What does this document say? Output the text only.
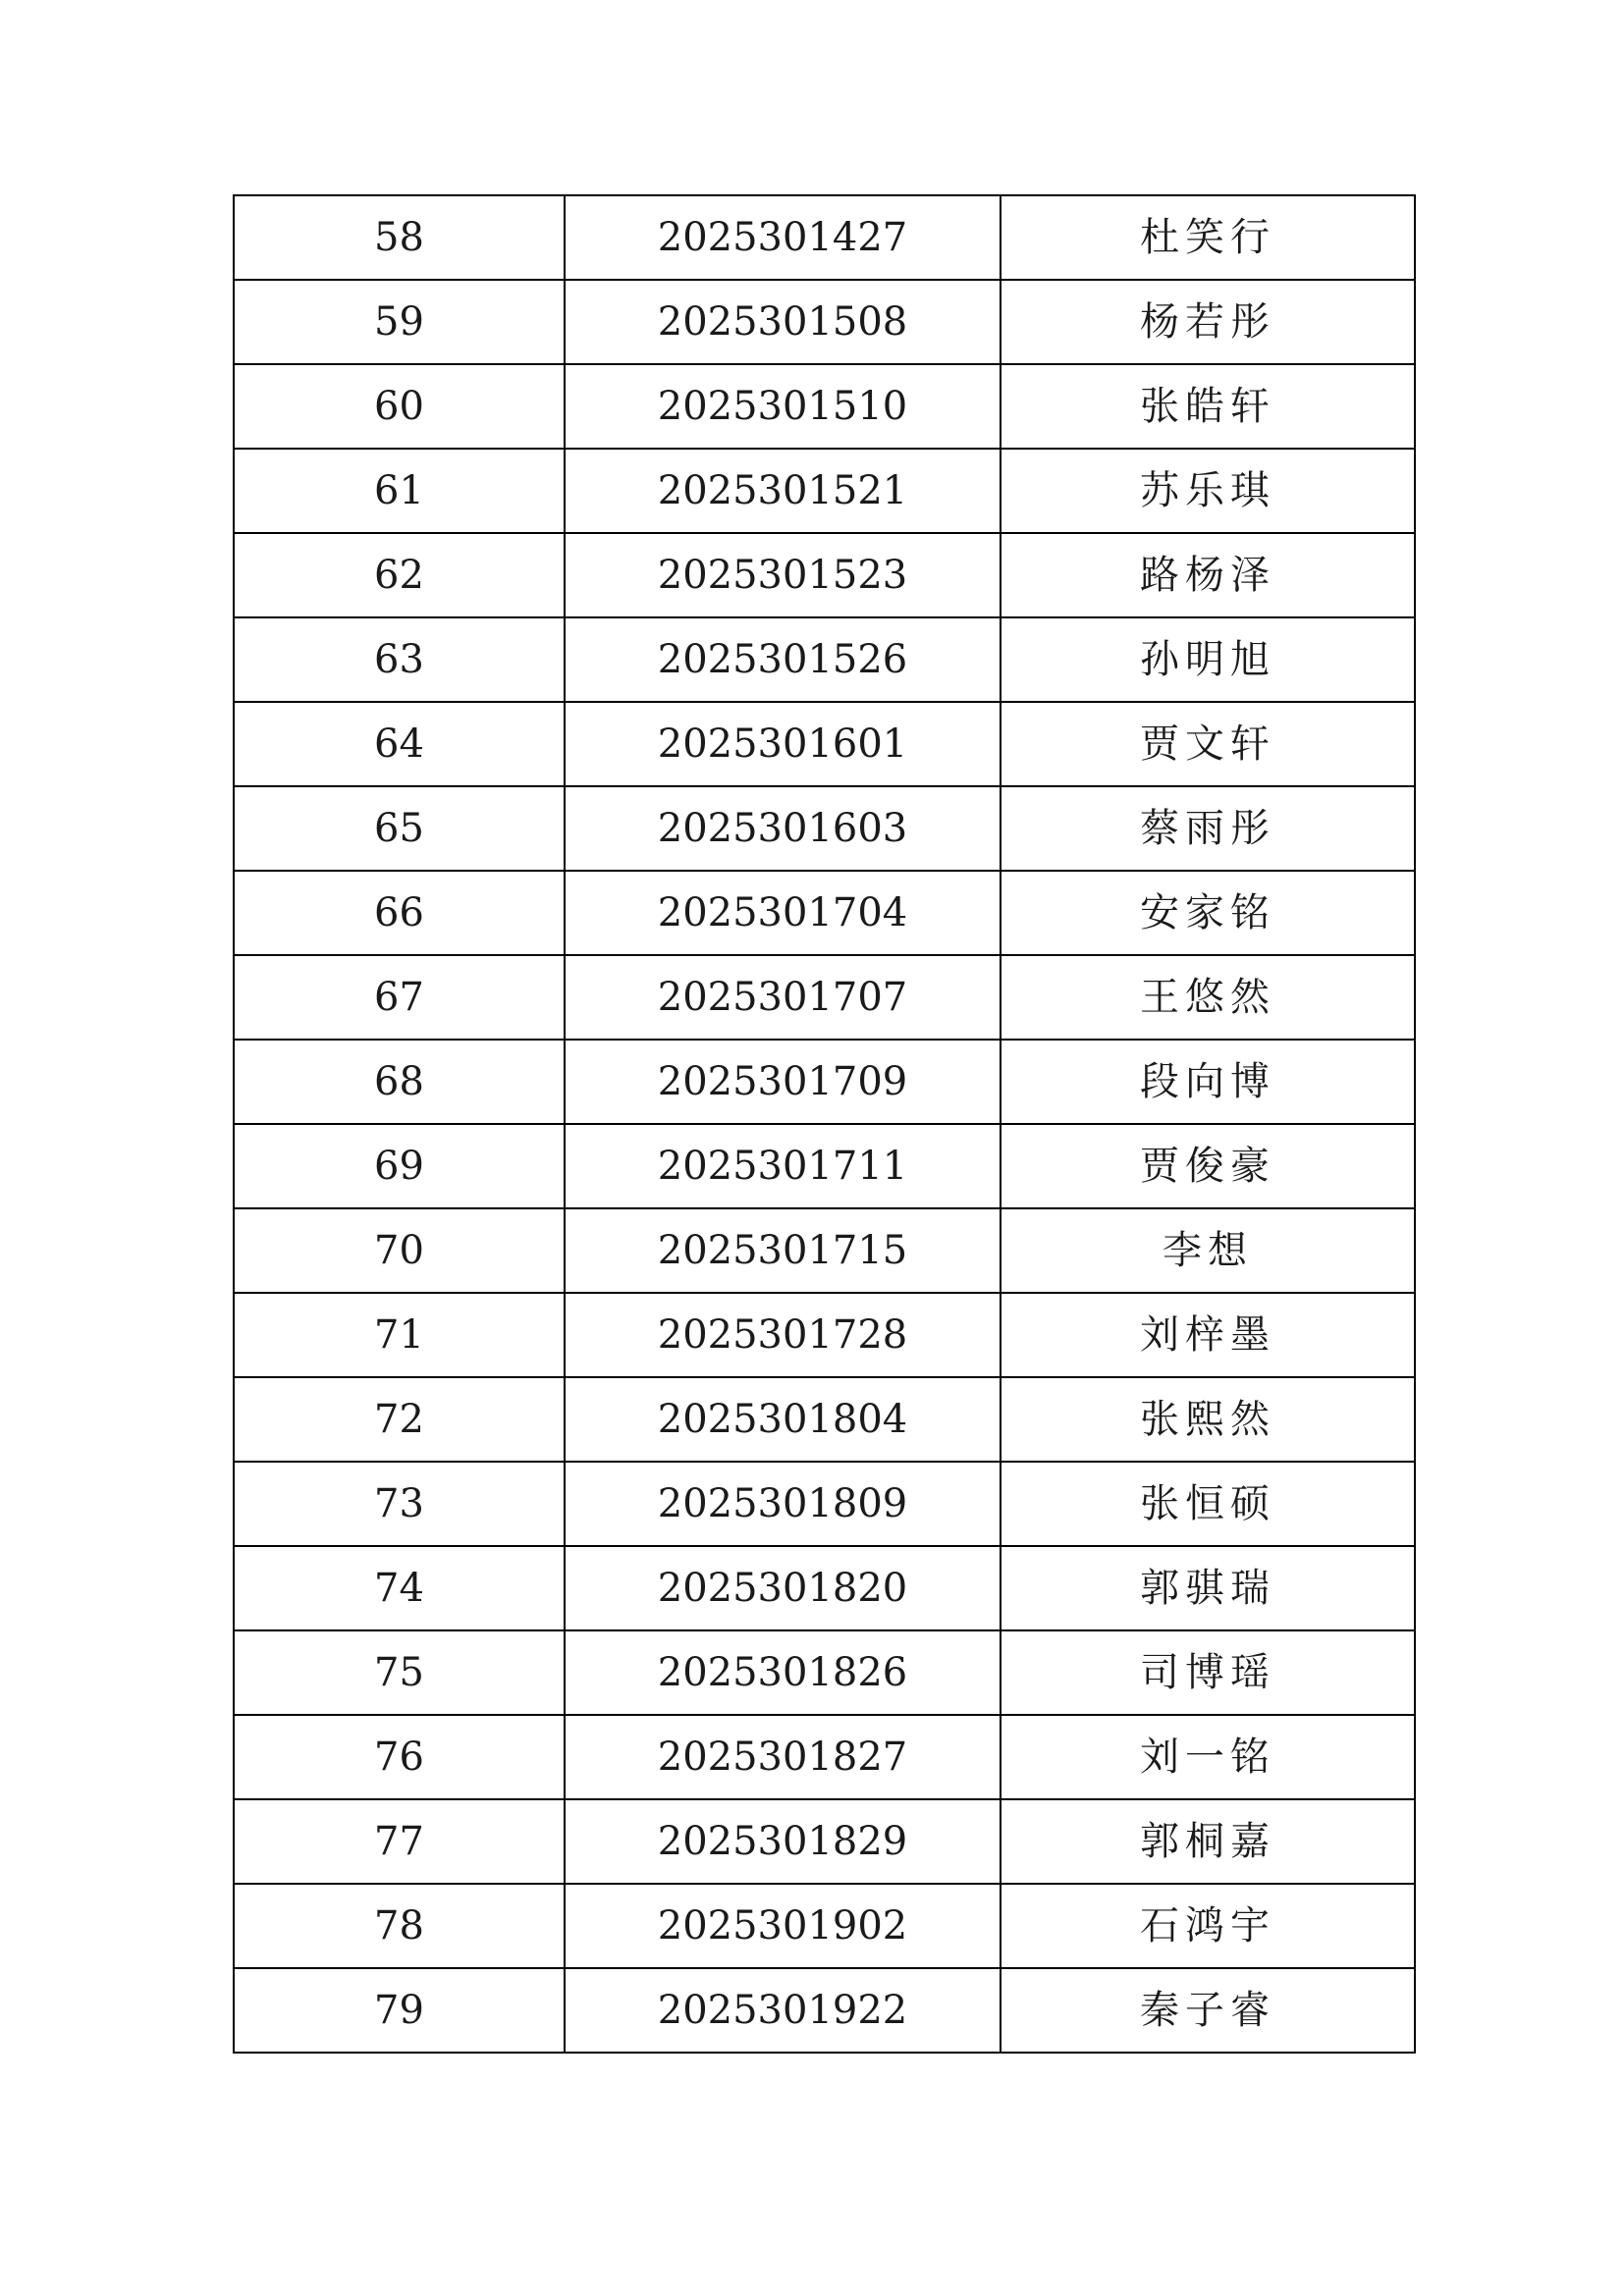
58	2025301427	杜笑行
59	2025301508	杨若彤
60	2025301510	张皓轩
61	2025301521	苏乐琪
62	2025301523	路杨泽
63	2025301526	孙明旭
64	2025301601	贾文轩
65	2025301603	蔡雨彤
66	2025301704	安家铭
67	2025301707	王悠然
68	2025301709	段向博
69	2025301711	贾俊豪
70	2025301715	李想
71	2025301728	刘梓墨
72	2025301804	张熙然
73	2025301809	张恒硕
74	2025301820	郭骐瑞
75	2025301826	司博瑶
76	2025301827	刘一铭
77	2025301829	郭桐嘉
78	2025301902	石鸿宇
79	2025301922	秦子睿
